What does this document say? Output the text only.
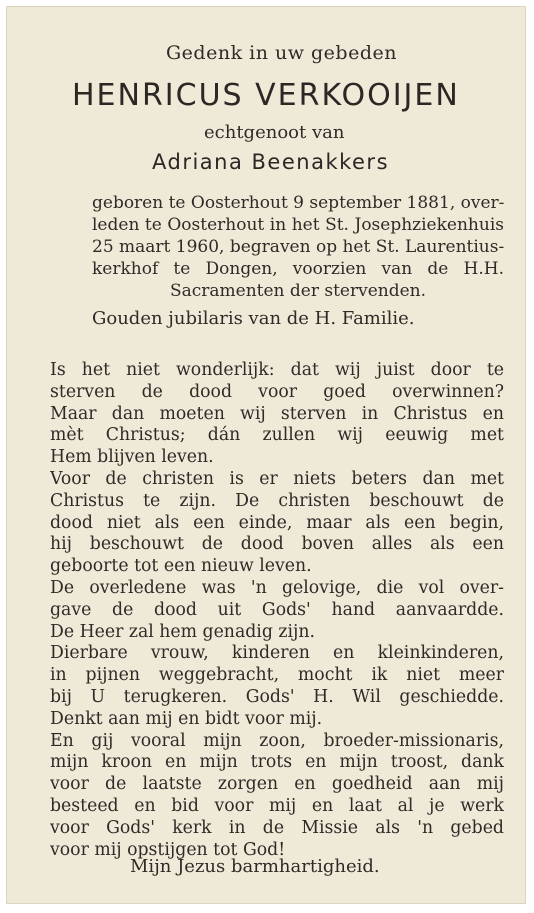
Gedenk in uw gebeden
HENRICUS VERKOOIJEN
echtgenoot van
Adriana Beenakkers
geboren te Oosterhout 9 september 1881, over-
leden te Oosterhout in het St. Josephziekenhuis
25 maart 1960, begraven op het St. Laurentius-
kerkhof te Dongen, voorzien van de H.H.
Sacramenten der stervenden.
Gouden jubilaris van de H. Familie.
Is het niet wonderlijk: dat wij juist door te
sterven de dood voor goed overwinnen?
Maar dan moeten wij sterven in Christus en
mèt Christus; dán zullen wij eeuwig met
Hem blijven leven.
Voor de christen is er niets beters dan met
Christus te zijn. De christen beschouwt de
dood niet als een einde, maar als een begin,
hij beschouwt de dood boven alles als een
geboorte tot een nieuw leven.
De overledene was 'n gelovige, die vol over-
gave de dood uit Gods' hand aanvaardde.
De Heer zal hem genadig zijn.
Dierbare vrouw, kinderen en kleinkinderen,
in pijnen weggebracht, mocht ik niet meer
bij U terugkeren. Gods' H. Wil geschiedde.
Denkt aan mij en bidt voor mij.
En gij vooral mijn zoon, broeder-missionaris,
mijn kroon en mijn trots en mijn troost, dank
voor de laatste zorgen en goedheid aan mij
besteed en bid voor mij en laat al je werk
voor Gods' kerk in de Missie als 'n gebed
voor mij opstijgen tot God!
Mijn Jezus barmhartigheid.
